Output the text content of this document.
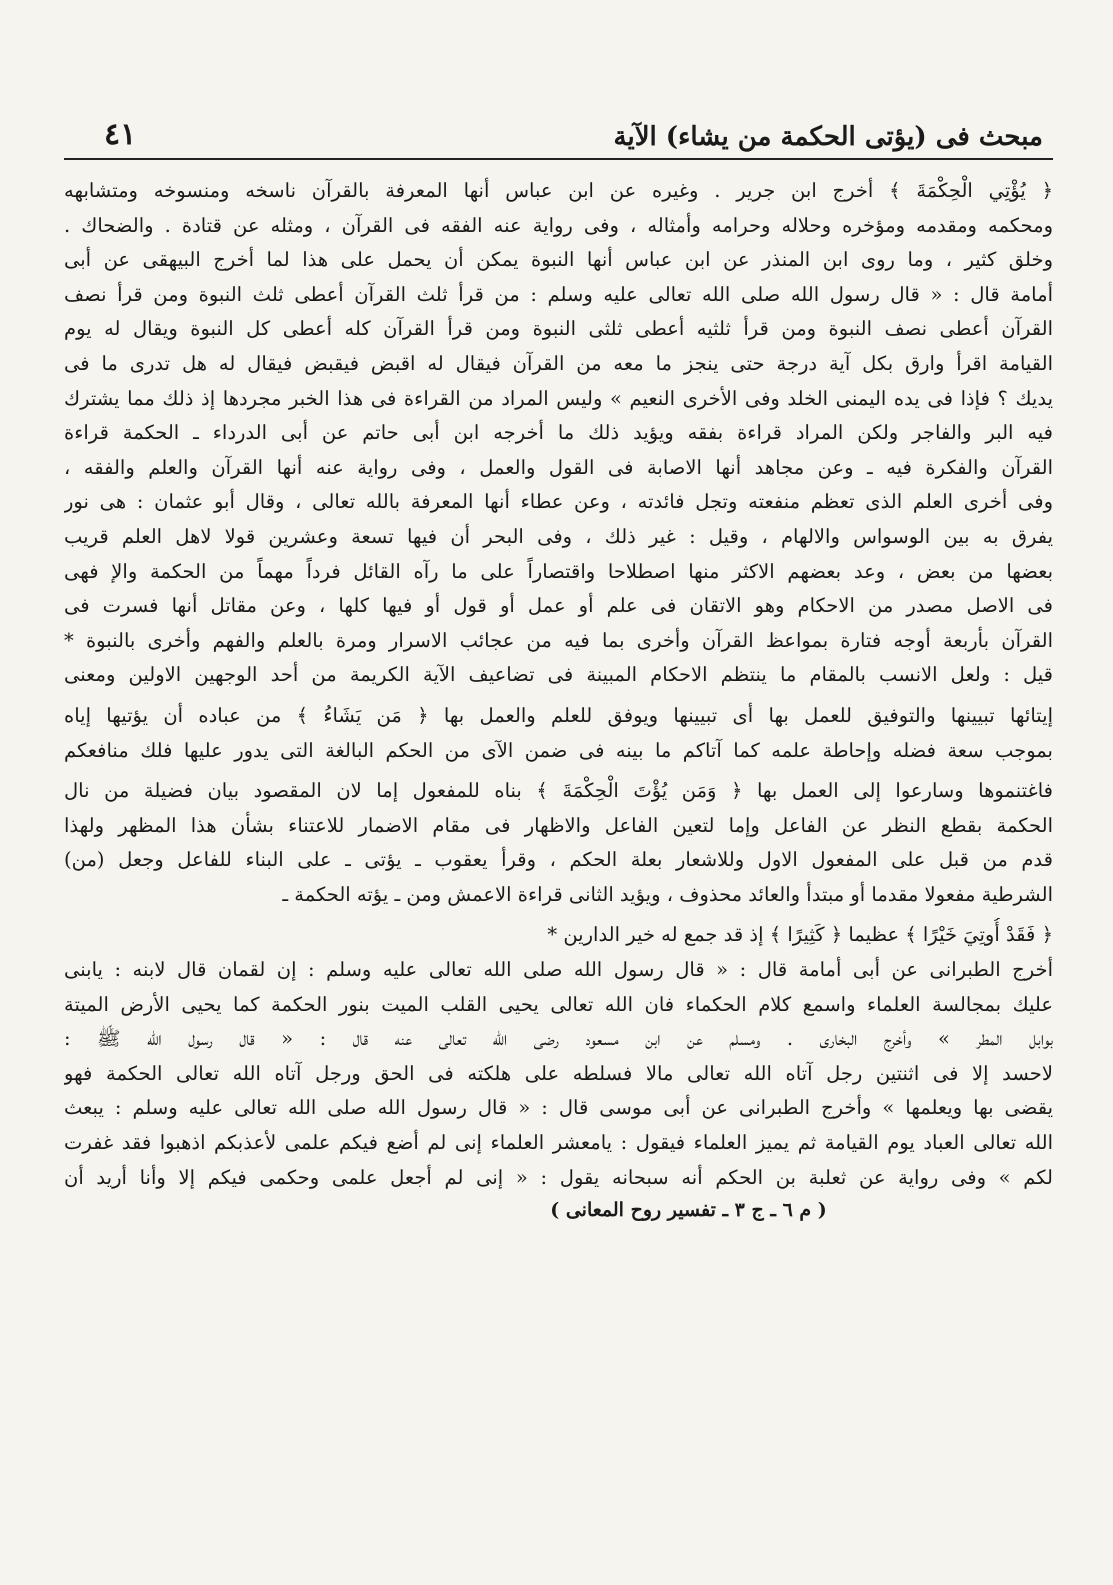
مبحث فى (يؤتى الحكمة من يشاء) الآية
٤١
﴿ يُؤْتِي الْحِكْمَةَ ﴾ أخرج ابن جرير . وغيره عن ابن عباس أنها المعرفة بالقرآن ناسخه ومنسوخه ومتشابهه
ومحكمه ومقدمه ومؤخره وحلاله وحرامه وأمثاله ، وفى رواية عنه الفقه فى القرآن ، ومثله عن قتادة . والضحاك .
وخلق كثير ، وما روى ابن المنذر عن ابن عباس أنها النبوة يمكن أن يحمل على هذا لما أخرج البيهقى عن أبى
أمامة قال : « قال رسول الله صلى الله تعالى عليه وسلم : من قرأ ثلث القرآن أعطى ثلث النبوة ومن قرأ نصف
القرآن أعطى نصف النبوة ومن قرأ ثلثيه أعطى ثلثى النبوة ومن قرأ القرآن كله أعطى كل النبوة ويقال له يوم
القيامة اقرأ وارق بكل آية درجة حتى ينجز ما معه من القرآن فيقال له اقبض فيقبض فيقال له هل تدرى ما فى
يديك ؟ فإذا فى يده اليمنى الخلد وفى الأخرى النعيم » وليس المراد من القراءة فى هذا الخبر مجردها إذ ذلك مما يشترك
فيه البر والفاجر ولكن المراد قراءة بفقه ويؤيد ذلك ما أخرجه ابن أبى حاتم عن أبى الدرداء ـ الحكمة قراءة
القرآن والفكرة فيه ـ وعن مجاهد أنها الاصابة فى القول والعمل ، وفى رواية عنه أنها القرآن والعلم والفقه ،
وفى أخرى العلم الذى تعظم منفعته وتجل فائدته ، وعن عطاء أنها المعرفة بالله تعالى ، وقال أبو عثمان : هى نور
يفرق به بين الوسواس والالهام ، وقيل : غير ذلك ، وفى البحر أن فيها تسعة وعشرين قولا لاهل العلم قريب
بعضها من بعض ، وعد بعضهم الاكثر منها اصطلاحا واقتصاراً على ما رآه القائل فرداً مهماً من الحكمة والإ فهى
فى الاصل مصدر من الاحكام وهو الاتقان فى علم أو عمل أو قول أو فيها كلها ، وعن مقاتل أنها فسرت فى
القرآن بأربعة أوجه فتارة بمواعظ القرآن وأخرى بما فيه من عجائب الاسرار ومرة بالعلم والفهم وأخرى بالنبوة *
قيل : ولعل الانسب بالمقام ما ينتظم الاحكام المبينة فى تضاعيف الآية الكريمة من أحد الوجهين الاولين ومعنى
إيتائها تبيينها والتوفيق للعمل بها أى تبيينها ويوفق للعلم والعمل بها ﴿ مَن يَشَاءُ ﴾ من عباده أن يؤتيها إياه
بموجب سعة فضله وإحاطة علمه كما آتاكم ما بينه فى ضمن الآى من الحكم البالغة التى يدور عليها فلك منافعكم
فاغتنموها وسارعوا إلى العمل بها ﴿ وَمَن يُؤْتَ الْحِكْمَةَ ﴾ بناه للمفعول إما لان المقصود بيان فضيلة من نال
الحكمة بقطع النظر عن الفاعل وإما لتعين الفاعل والاظهار فى مقام الاضمار للاعتناء بشأن هذا المظهر ولهذا
قدم من قبل على المفعول الاول وللاشعار بعلة الحكم ، وقرأ يعقوب ـ يؤتى ـ على البناء للفاعل وجعل (من)
الشرطية مفعولا مقدما أو مبتدأ والعائد محذوف ، ويؤيد الثانى قراءة الاعمش ومن ـ يؤته الحكمة ـ
﴿ فَقَدْ أُوتِيَ خَيْرًا ﴾ عظيما ﴿ كَثِيرًا ﴾ إذ قد جمع له خير الدارين *
أخرج الطبرانى عن أبى أمامة قال : « قال رسول الله صلى الله تعالى عليه وسلم : إن لقمان قال لابنه : يابنى
عليك بمجالسة العلماء واسمع كلام الحكماء فان الله تعالى يحيى القلب الميت بنور الحكمة كما يحيى الأرض الميتة
بوابل المطر » وأخرج البخارى . ومسلم عن ابن مسعود رضى الله تعالى عنه قال : « قال رسول الله ﷺ :
لاحسد إلا فى اثنتين رجل آتاه الله تعالى مالا فسلطه على هلكته فى الحق ورجل آتاه الله تعالى الحكمة فهو
يقضى بها ويعلمها » وأخرج الطبرانى عن أبى موسى قال : « قال رسول الله صلى الله تعالى عليه وسلم : يبعث
الله تعالى العباد يوم القيامة ثم يميز العلماء فيقول : يامعشر العلماء إنى لم أضع فيكم علمى لأعذبكم اذهبوا فقد غفرت
لكم » وفى رواية عن ثعلبة بن الحكم أنه سبحانه يقول : « إنى لم أجعل علمى وحكمى فيكم إلا وأنا أريد أن
( م ٦ ـ ج ٣ ـ تفسير روح المعانى )
